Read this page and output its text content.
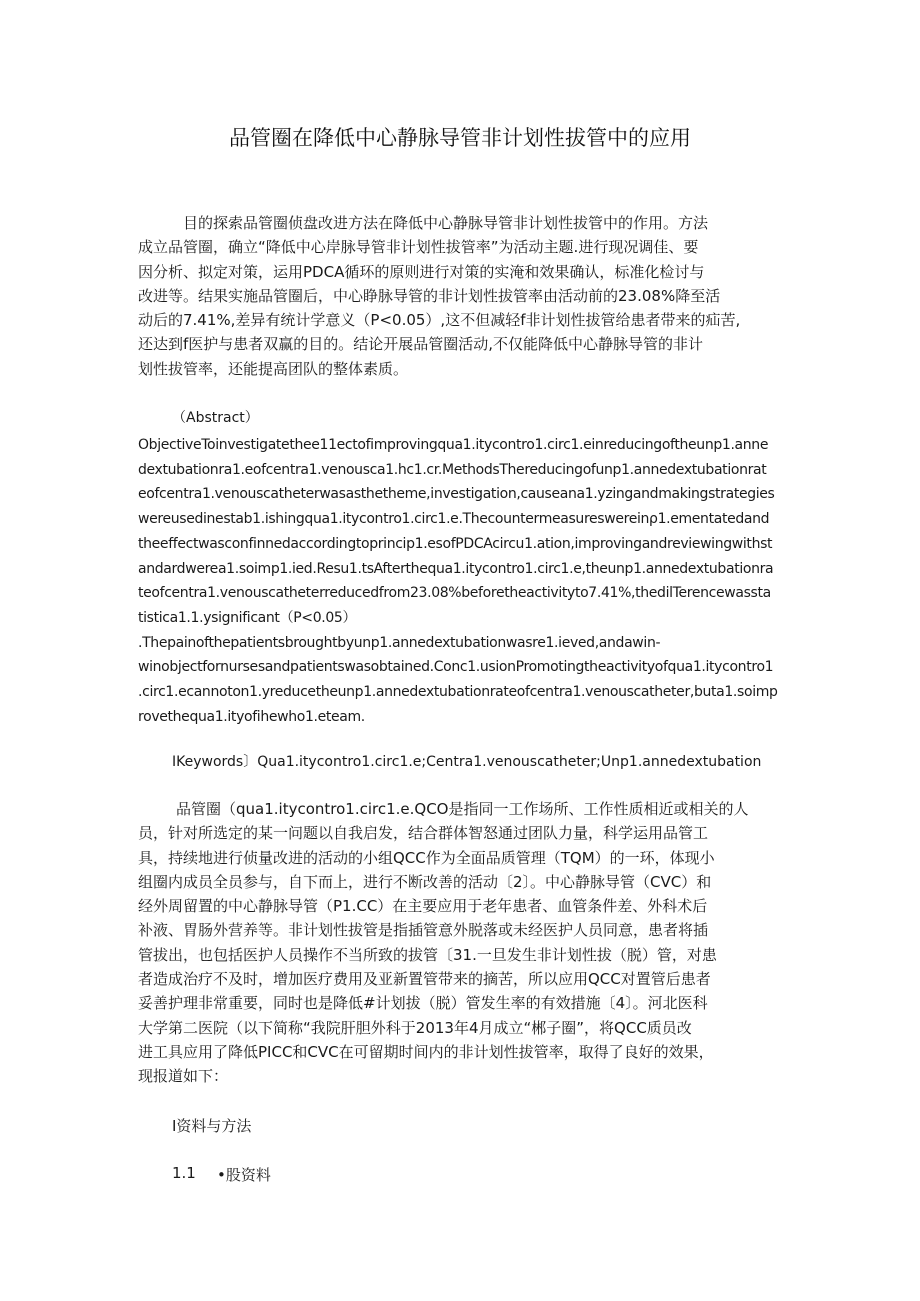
品管圈在降低中心静脉导管非计划性拔管中的应用
目的探索品管圈侦盘改进方法在降低中心静脉导管非计划性拔管中的作用。方法
成立品管圈，确立“降低中心岸脉导管非计划性拔管率”为活动主题.进行现况调佳、要
因分析、拟定对策，运用PDCA循环的原则进行对策的实淹和效果确认，标准化检讨与
改进等。结果实施品管圈后，中心睁脉导管的非计划性拔管率由活动前的23.08%降至活
动后的7.41%,差异有统计学意义（P<0.05）,这不但减轻f非计划性拔管给患者带来的疝苦,
还达到f医护与患者双赢的目的。结论开展品管圈活动,不仅能降低中心静脉导管的非计
划性拔管率，还能提高团队的整体素质。
（Abstract）
ObjectiveToinvestigatethee11ectofimprovingqua1.itycontro1.circ1.einreducingoftheunp1.anne
dextubationra1.eofcentra1.venousca1.hc1.cr.MethodsThereducingofunp1.annedextubationrat
eofcentra1.venouscatheterwasasthetheme,investigation,causeana1.yzingandmakingstrategies
wereusedinestab1.ishingqua1.itycontro1.circ1.e.Thecountermeasureswereinρ1.ementatedand
theeffectwasconfinnedaccordingtoprincip1.esofPDCAcircu1.ation,improvingandreviewingwithst
andardwerea1.soimp1.ied.Resu1.tsAfterthequa1.itycontro1.circ1.e,theunp1.annedextubationra
teofcentra1.venouscatheterreducedfrom23.08%beforetheactivityto7.41%,thedilTerencewassta
tistica1.1.ysignificant（P<0.05）
.Thepainofthepatientsbroughtbyunp1.annedextubationwasre1.ieved,andawin-
winobjectfornursesandpatientswasobtained.Conc1.usionPromotingtheactivityofqua1.itycontro1
.circ1.ecannoton1.yreducetheunp1.annedextubationrateofcentra1.venouscatheter,buta1.soimp
rovethequa1.ityofihewho1.eteam.
IKeywords〕Qua1.itycontro1.circ1.e;Centra1.venouscatheter;Unp1.annedextubation
品管圈（qua1.itycontro1.circ1.e.QCO是指同一工作场所、工作性质相近或相关的人
员，针对所选定的某一问题以自我启发，结合群体智怒通过团队力量，科学运用品管工
具，持续地进行侦量改进的活动的小组QCC作为全面品质管理（TQM）的一环，体现小
组圈内成员全员参与，自下而上，进行不断改善的活动〔2〕。中心静脉导管（CVC）和
经外周留置的中心静脉导管（P1.CC）在主要应用于老年患者、血管条件差、外科术后
补液、胃肠外营养等。非计划性拔管是指插管意外脱落或未经医护人员同意，患者将插
管拔出，也包括医护人员操作不当所致的拔管〔31.一旦发生非计划性拔（脱）管，对患
者造成治疗不及时，增加医疗费用及亚新置管带来的摘苦，所以应用QCC对置管后患者
妥善护理非常重要，同时也是降低#计划拔（脱）管发生率的有效措施〔4〕。河北医科
大学第二医院（以下简称“我院肝胆外科于2013年4月成立“郴子圈”，将QCC质员改
进工具应用了降低PICC和CVC在可留期时间内的非计划性拔管率，取得了良好的效果，
现报道如下：
I资料与方法
1.1 •股资料
